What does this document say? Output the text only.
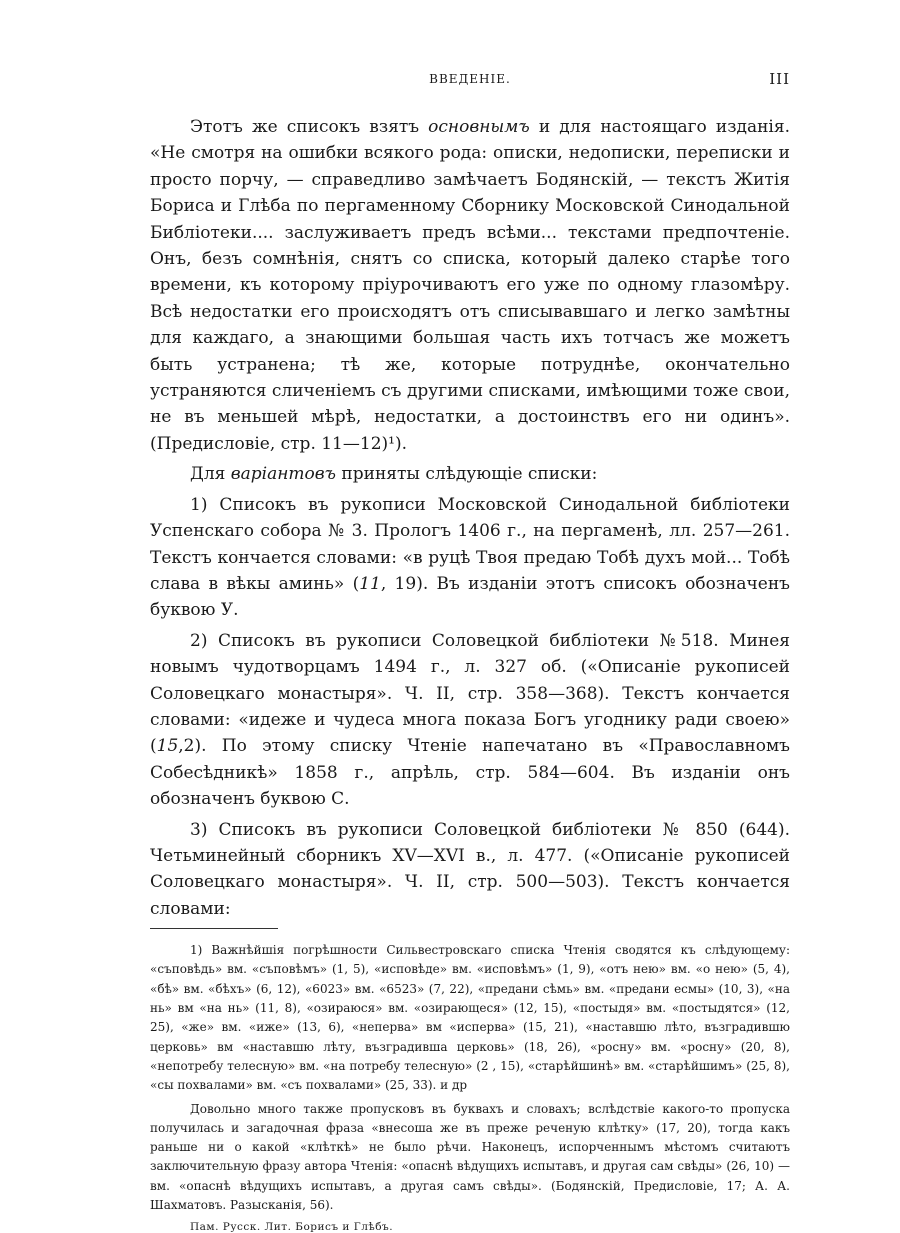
ВВЕДЕНІЕ.	III

Этотъ же списокъ взятъ основнымъ и для настоящаго изданія. «Не смотря на ошибки всякого рода: описки, недописки, переписки и просто порчу, — справедливо замѣчаетъ Бодянскій, — текстъ Житія Бориса и Глѣба по пергаменному Сборнику Московской Синодальной Библіотеки.... заслуживаетъ предъ всѣми... текстами предпочтеніе. Онъ, безъ сомнѣнія, снятъ со списка, который далеко старѣе того времени, къ которому пріурочиваютъ его уже по одному глазомѣру. Всѣ недостатки его происходятъ отъ списывавшаго и легко замѣтны для каждаго, а знающими большая часть ихъ тотчасъ же можетъ быть устранена; тѣ же, которые потруднѣе, окончательно устраняются сличеніемъ съ другими списками, имѣющими тоже свои, не въ меньшей мѣрѣ, недостатки, а достоинствъ его ни одинъ». (Предисловіе, стр. 11—12)¹).

Для варіантовъ приняты слѣдующіе списки:

1) Списокъ въ рукописи Московской Синодальной библіотеки Успенскаго собора № 3. Прологъ 1406 г., на пергаменѣ, лл. 257—261. Текстъ кончается словами: «в руцѣ Твоя предаю Тобѣ духъ мой... Тобѣ слава в вѣкы аминь» (11, 19). Въ изданіи этотъ списокъ обозначенъ буквою У.

2) Списокъ въ рукописи Соловецкой библіотеки №518. Минея новымъ чудотворцамъ 1494 г., л. 327 об. («Описаніе рукописей Соловецкаго монастыря». Ч. II, стр. 358—368). Текстъ кончается словами: «идеже и чудеса многа показа Богъ угоднику ради своею» (15,2). По этому списку Чтеніе напечатано въ «Православномъ Собесѣдникѣ» 1858 г., апрѣль, стр. 584—604. Въ изданіи онъ обозначенъ буквою С.

3) Списокъ въ рукописи Соловецкой библіотеки № 850 (644). Четьминейный сборникъ XV—XVI в., л. 477. («Описаніе рукописей Соловецкаго монастыря». Ч. II, стр. 500—503). Текстъ кончается словами:

1) Важнѣйшія погрѣшности Сильвестровскаго списка Чтенія сводятся къ слѣдующему: «съповѣдь» вм. «съповѣмъ» (1, 5), «исповѣде» вм. «исповѣмъ» (1, 9), «отъ нею» вм. «о нею» (5, 4), «бѣ» вм. «бѣхъ» (6, 12), «6023» вм. «6523» (7, 22), «предани сѣмь» вм. «предани есмы» (10, 3), «на нь» вм «на нь» (11, 8), «озираюся» вм. «озирающеся» (12, 15), «постыдя» вм. «постыдятся» (12, 25), «же» вм. «иже» (13, 6), «неперва» вм «исперва» (15, 21), «наставшю лѣто, възградившю церковь» вм «наставшю лѣту, възградивша церковь» (18, 26), «росну» вм. «росну» (20, 8), «непотребу телесную» вм. «на потребу телесную» (2 , 15), «старѣйшинѣ» вм. «старѣйшимъ» (25, 8), «сы похвалами» вм. «съ похвалами» (25, 33). и др

Довольно много также пропусковъ въ буквахъ и словахъ; вслѣдствіе какого-то пропуска получилась и загадочная фраза «внесоша же въ преже реченую клѣтку» (17, 20), тогда какъ раньше ни о какой «клѣткѣ» не было рѣчи. Наконецъ, испорченнымъ мѣстомъ считаютъ заключительную фразу автора Чтенія: «опаснѣ вѣдущихъ испытавъ, и другая сам свѣды» (26, 10) — вм. «опаснѣ вѣдущихъ испытавъ, а другая самъ свѣды». (Бодянскій, Предисловіе, 17; А. А. Шахматовъ. Разысканія, 56).

Пам. Русск. Лит. Борисъ и Глѣбъ.
